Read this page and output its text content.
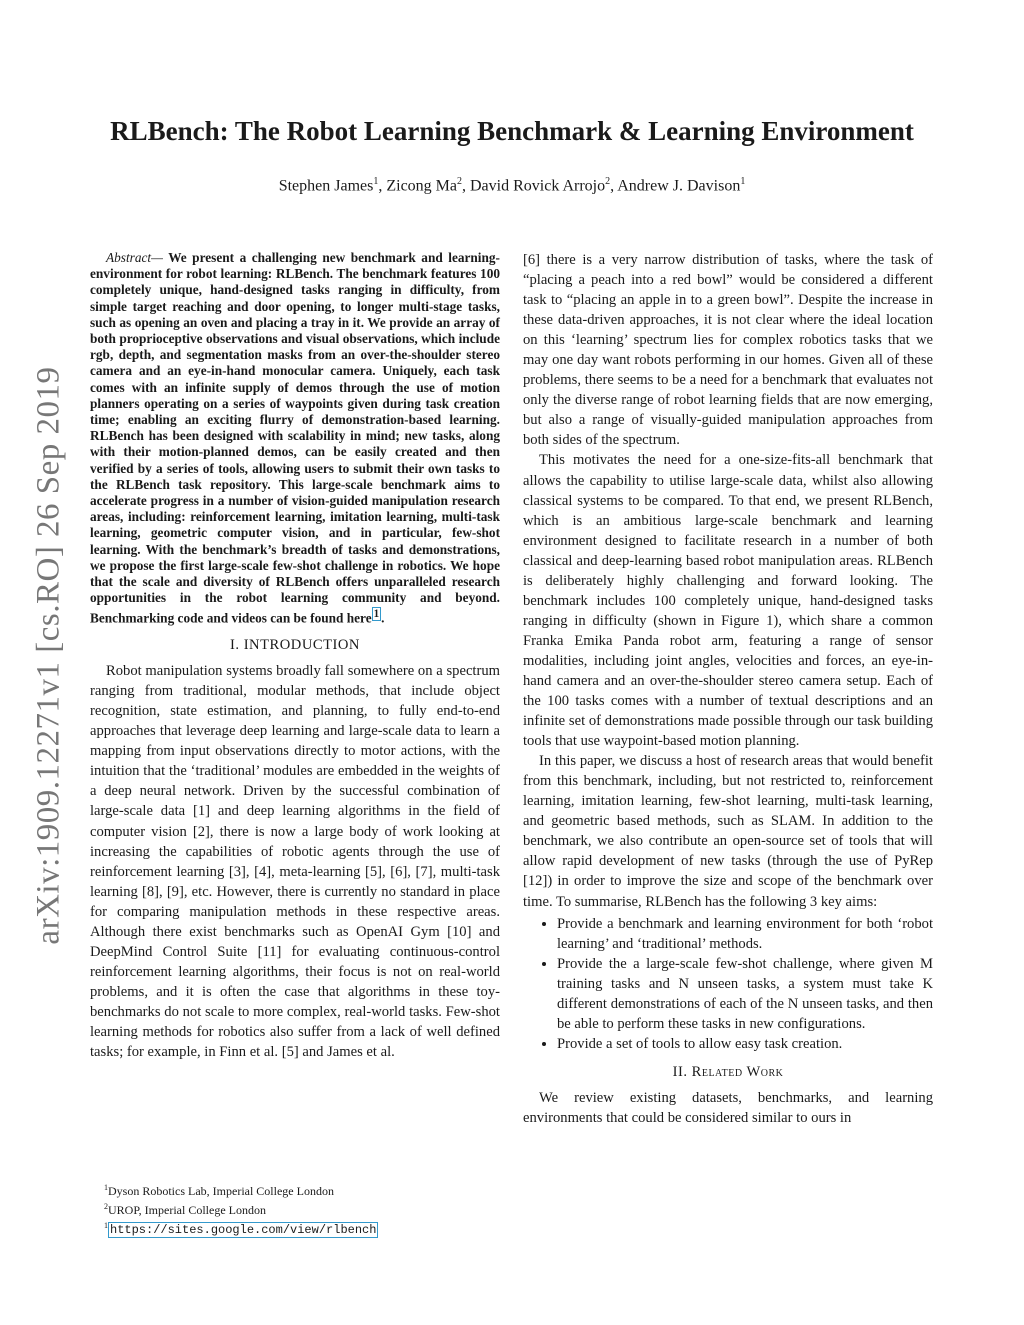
arXiv:1909.12271v1 [cs.RO] 26 Sep 2019
RLBench: The Robot Learning Benchmark & Learning Environment
Stephen James$^1$, Zicong Ma$^2$, David Rovick Arrojo$^2$, Andrew J. Davison$^1$

Abstract— We present a challenging new benchmark and learning-environment for robot learning: RLBench. The benchmark features 100 completely unique, hand-designed tasks ranging in difficulty, from simple target reaching and door opening, to longer multi-stage tasks, such as opening an oven and placing a tray in it. We provide an array of both proprioceptive observations and visual observations, which include rgb, depth, and segmentation masks from an over-the-shoulder stereo camera and an eye-in-hand monocular camera. Uniquely, each task comes with an infinite supply of demos through the use of motion planners operating on a series of waypoints given during task creation time; enabling an exciting flurry of demonstration-based learning. RLBench has been designed with scalability in mind; new tasks, along with their motion-planned demos, can be easily created and then verified by a series of tools, allowing users to submit their own tasks to the RLBench task repository. This large-scale benchmark aims to accelerate progress in a number of vision-guided manipulation research areas, including: reinforcement learning, imitation learning, multi-task learning, geometric computer vision, and in particular, few-shot learning. With the benchmark’s breadth of tasks and demonstrations, we propose the first large-scale few-shot challenge in robotics. We hope that the scale and diversity of RLBench offers unparalleled research opportunities in the robot learning community and beyond. Benchmarking code and videos can be found here $^1$ .

I. INTRODUCTION

Robot manipulation systems broadly fall somewhere on a spectrum ranging from traditional, modular methods, that include object recognition, state estimation, and planning, to fully end-to-end approaches that leverage deep learning and large-scale data to learn a mapping from input observations directly to motor actions, with the intuition that the ‘traditional’ modules are embedded in the weights of a deep neural network. Driven by the successful combination of large-scale data [1] and deep learning algorithms in the field of computer vision [2], there is now a large body of work looking at increasing the capabilities of robotic agents through the use of reinforcement learning [3], [4], meta-learning [5], [6], [7], multi-task learning [8], [9], etc. However, there is currently no standard in place for comparing manipulation methods in these respective areas. Although there exist benchmarks such as OpenAI Gym [10] and DeepMind Control Suite [11] for evaluating continuous-control reinforcement learning algorithms, their focus is not on real-world problems, and it is often the case that algorithms in these toy-benchmarks do not scale to more complex, real-world tasks. Few-shot learning methods for robotics also suffer from a lack of well defined tasks; for example, in Finn et al. [5] and James et al.

[6] there is a very narrow distribution of tasks, where the task of “placing a peach into a red bowl” would be considered a different task to “placing an apple in to a green bowl”. Despite the increase in these data-driven approaches, it is not clear where the ideal location on this ‘learning’ spectrum lies for complex robotics tasks that we may one day want robots performing in our homes. Given all of these problems, there seems to be a need for a benchmark that evaluates not only the diverse range of robot learning fields that are now emerging, but also a range of visually-guided manipulation approaches from both sides of the spectrum.

This motivates the need for a one-size-fits-all benchmark that allows the capability to utilise large-scale data, whilst also allowing classical systems to be compared. To that end, we present RLBench, which is an ambitious large-scale benchmark and learning environment designed to facilitate research in a number of both classical and deep-learning based robot manipulation areas. RLBench is deliberately highly challenging and forward looking. The benchmark includes 100 completely unique, hand-designed tasks ranging in difficulty (shown in Figure 1), which share a common Franka Emika Panda robot arm, featuring a range of sensor modalities, including joint angles, velocities and forces, an eye-in-hand camera and an over-the-shoulder stereo camera setup. Each of the 100 tasks comes with a number of textual descriptions and an infinite set of demonstrations made possible through our task building tools that use waypoint-based motion planning.

In this paper, we discuss a host of research areas that would benefit from this benchmark, including, but not restricted to, reinforcement learning, imitation learning, few-shot learning, multi-task learning, and geometric based methods, such as SLAM. In addition to the benchmark, we also contribute an open-source set of tools that will allow rapid development of new tasks (through the use of PyRep [12]) in order to improve the size and scope of the benchmark over time. To summarise, RLBench has the following 3 key aims:

• Provide a benchmark and learning environment for both ‘robot learning’ and ‘traditional’ methods.
• Provide the a large-scale few-shot challenge, where given M training tasks and N unseen tasks, a system must take K different demonstrations of each of the N unseen tasks, and then be able to perform these tasks in new configurations.
• Provide a set of tools to allow easy task creation.
II. Related Work

We review existing datasets, benchmarks, and learning environments that could be considered similar to ours in

$^1$Dyson Robotics Lab, Imperial College London
$^2$UROP, Imperial College London
$^1$ https://sites.google.com/view/rlbench
